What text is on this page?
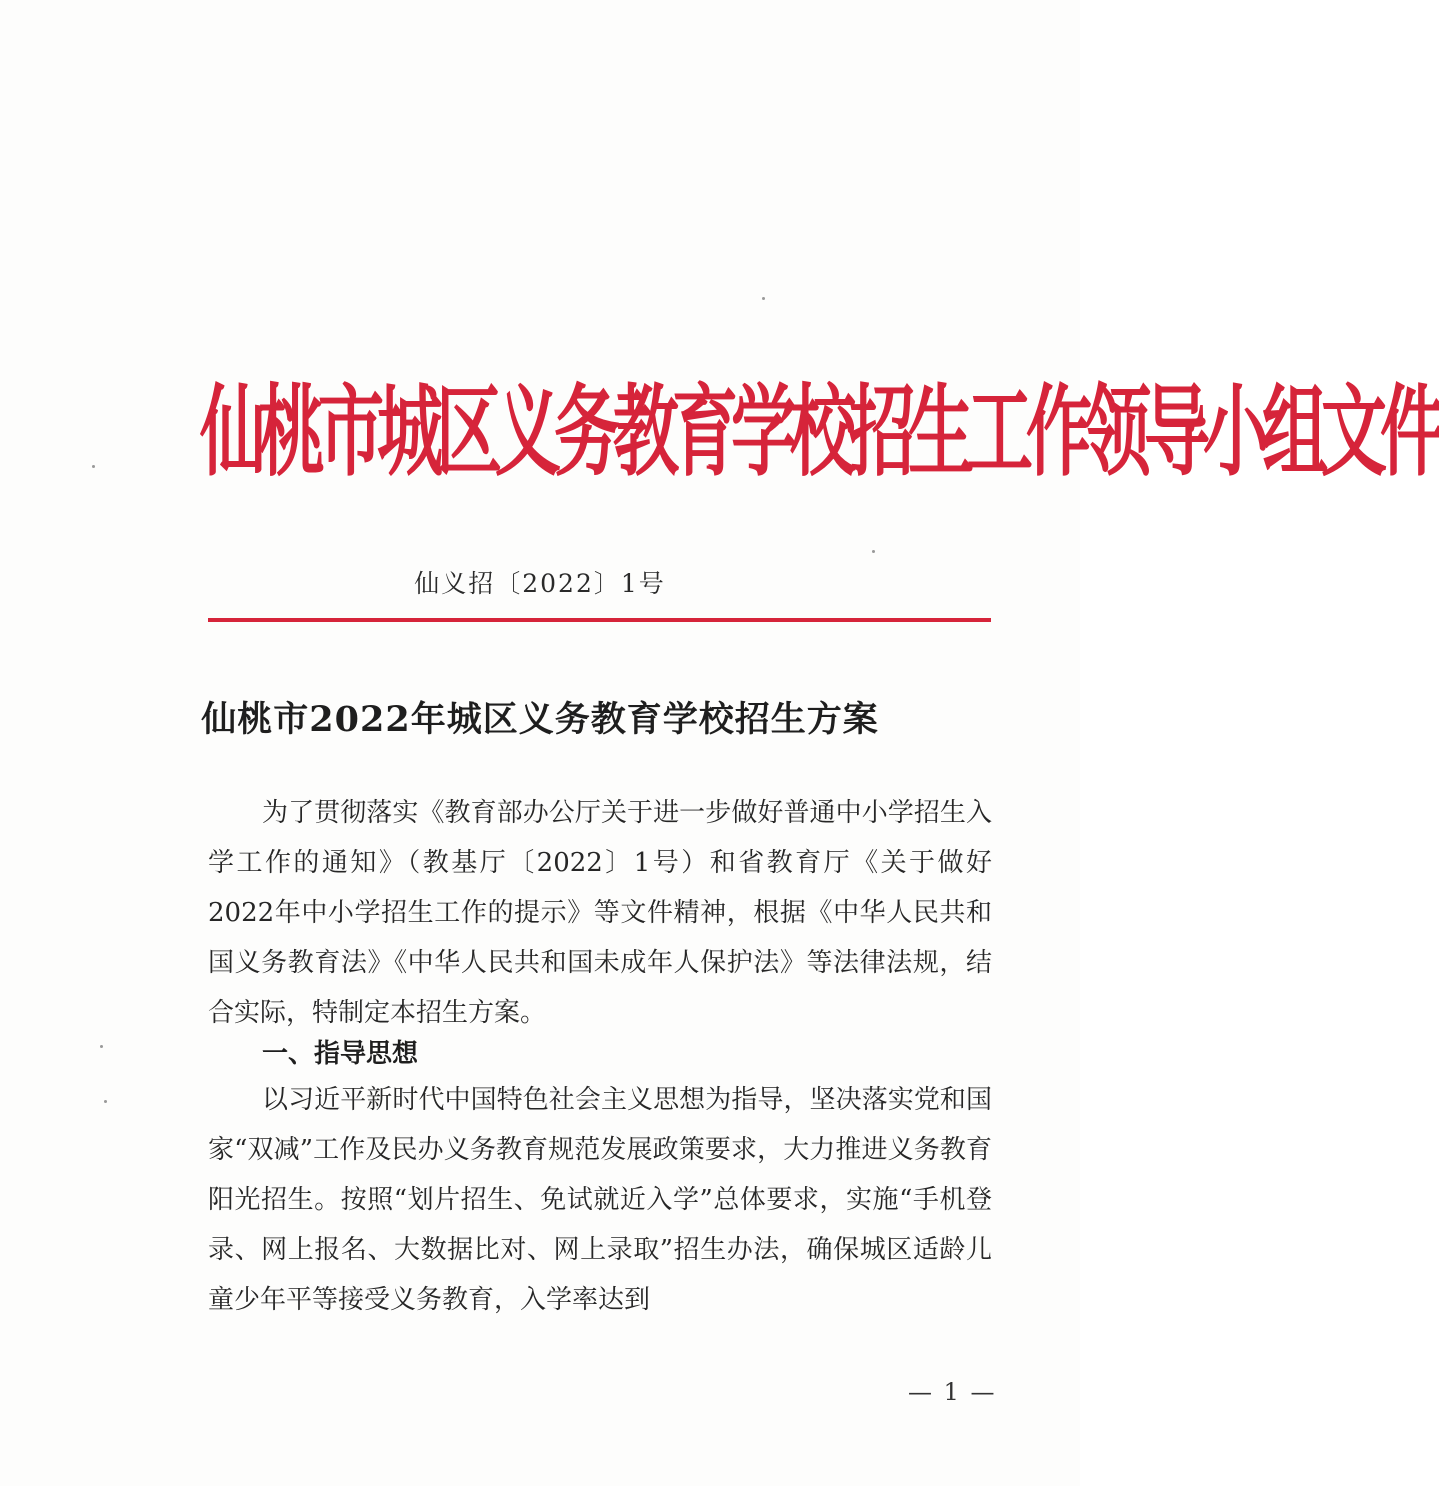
仙桃市城区义务教育学校招生工作领导小组文件
仙义招〔2022〕1号
仙桃市2022年城区义务教育学校招生方案
为了贯彻落实《教育部办公厅关于进一步做好普通中小学招生入学工作的通知》（教基厅〔2022〕1号）和省教育厅《关于做好2022年中小学招生工作的提示》等文件精神，根据《中华人民共和国义务教育法》《中华人民共和国未成年人保护法》等法律法规，结合实际，特制定本招生方案。
一、指导思想
以习近平新时代中国特色社会主义思想为指导，坚决落实党和国家“双减”工作及民办义务教育规范发展政策要求，大力推进义务教育阳光招生。按照“划片招生、免试就近入学”总体要求，实施“手机登录、网上报名、大数据比对、网上录取”招生办法，确保城区适龄儿童少年平等接受义务教育，入学率达到
— 1 —
